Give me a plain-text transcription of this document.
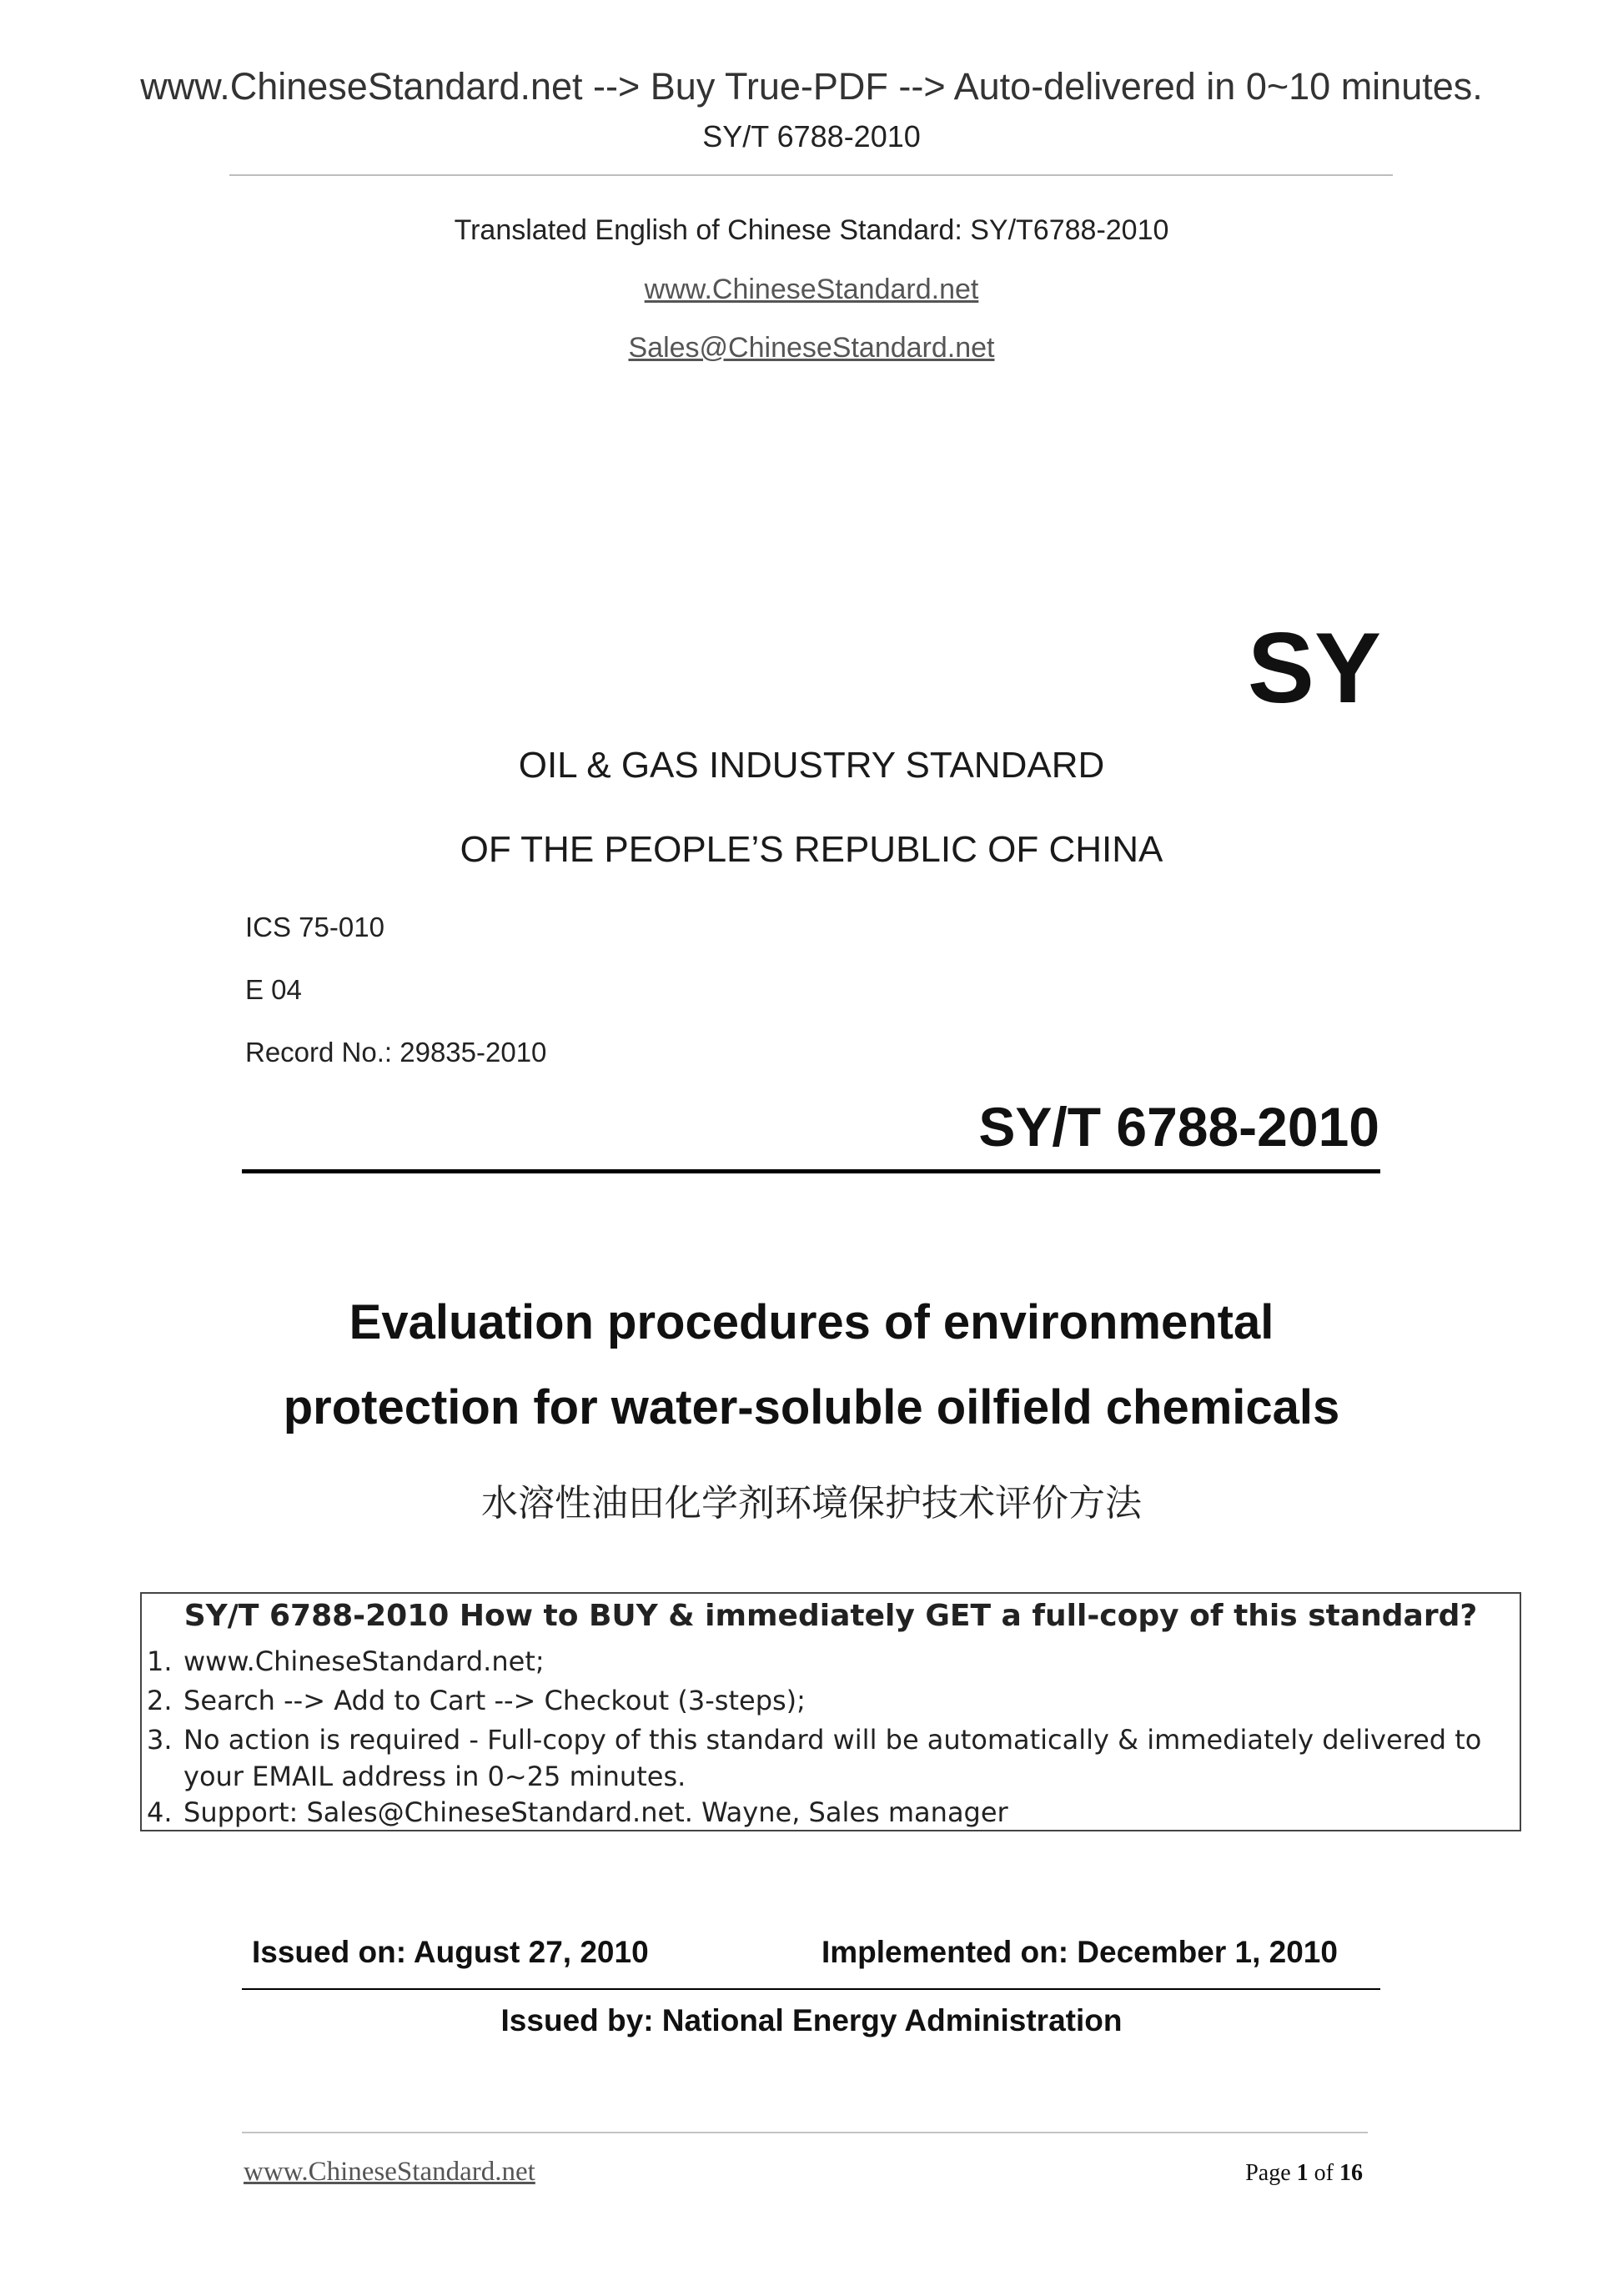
www.ChineseStandard.net --> Buy True-PDF --> Auto-delivered in 0~10 minutes.
SY/T 6788-2010
Translated English of Chinese Standard: SY/T6788-2010
www.ChineseStandard.net
Sales@ChineseStandard.net
SY
OIL & GAS INDUSTRY STANDARD
OF THE PEOPLE’S REPUBLIC OF CHINA
ICS 75-010
E 04
Record No.: 29835-2010
SY/T 6788-2010
Evaluation procedures of environmental
protection for water-soluble oilfield chemicals
水溶性油田化学剂环境保护技术评价方法
SY/T 6788-2010 How to BUY & immediately GET a full-copy of this standard?
1. www.ChineseStandard.net;
2. Search --> Add to Cart --> Checkout (3-steps);
3. No action is required - Full-copy of this standard will be automatically & immediately delivered to
your EMAIL address in 0~25 minutes.
4. Support: Sales@ChineseStandard.net. Wayne, Sales manager
Issued on: August 27, 2010	Implemented on: December 1, 2010
Issued by: National Energy Administration
www.ChineseStandard.net	Page 1 of 16
